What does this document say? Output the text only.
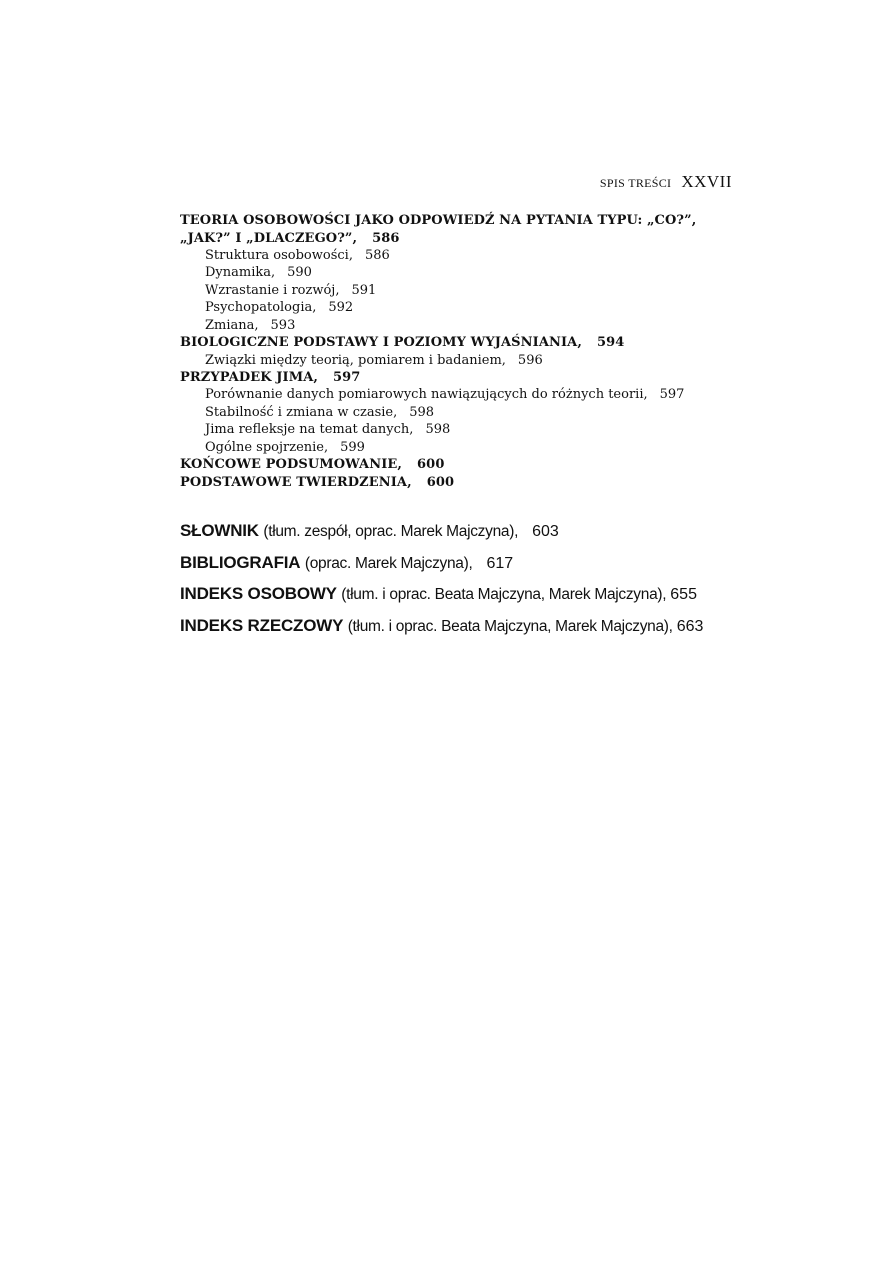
SPIS TREŚCI XXVII
TEORIA OSOBOWOŚCI JAKO ODPOWIEDŹ NA PYTANIA TYPU: „CO?”,
„JAK?” I „DLACZEGO?”, 586
Struktura osobowości, 586
Dynamika, 590
Wzrastanie i rozwój, 591
Psychopatologia, 592
Zmiana, 593
BIOLOGICZNE PODSTAWY I POZIOMY WYJAŚNIANIA, 594
Związki między teorią, pomiarem i badaniem, 596
PRZYPADEK JIMA, 597
Porównanie danych pomiarowych nawiązujących do różnych teorii, 597
Stabilność i zmiana w czasie, 598
Jima refleksje na temat danych, 598
Ogólne spojrzenie, 599
KOŃCOWE PODSUMOWANIE, 600
PODSTAWOWE TWIERDZENIA, 600
SŁOWNIK (tłum. zespół, oprac. Marek Majczyna), 603
BIBLIOGRAFIA (oprac. Marek Majczyna), 617
INDEKS OSOBOWY (tłum. i oprac. Beata Majczyna, Marek Majczyna), 655
INDEKS RZECZOWY (tłum. i oprac. Beata Majczyna, Marek Majczyna), 663
